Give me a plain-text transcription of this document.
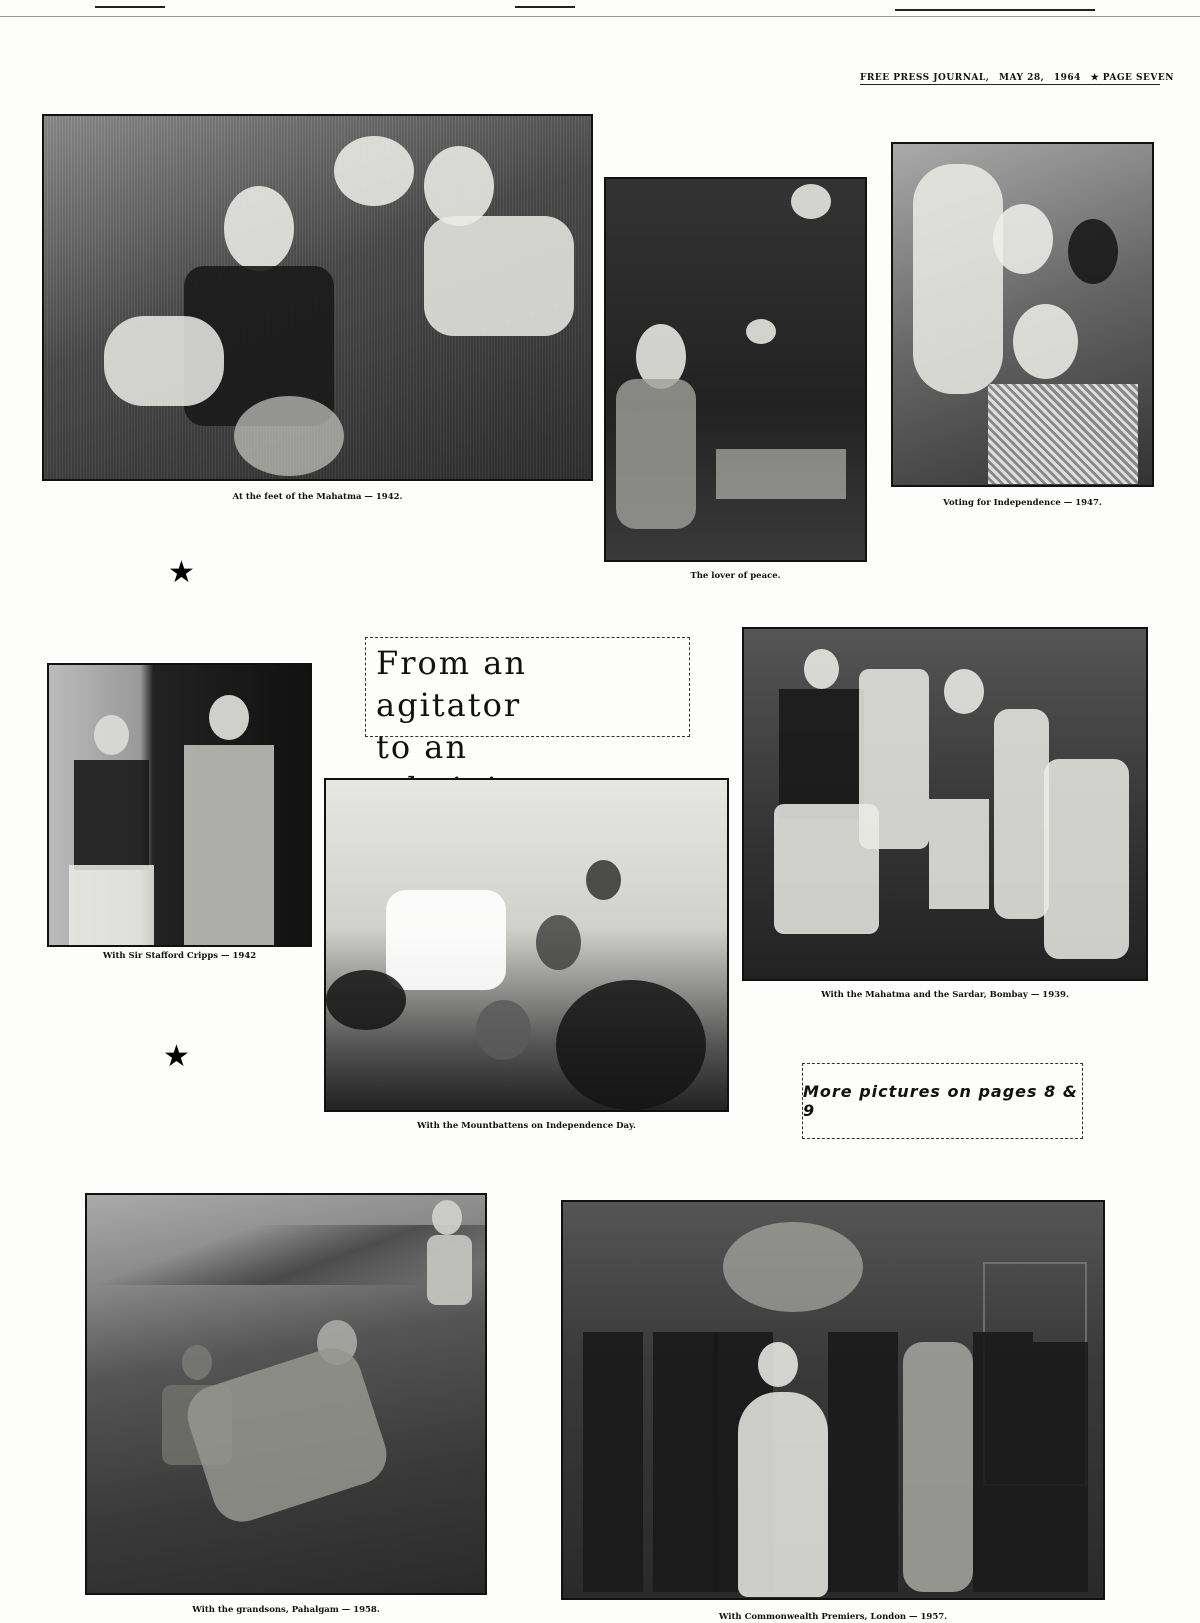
FREE PRESS JOURNAL, MAY 28, 1964 ★ PAGE SEVEN
At the feet of the Mahatma — 1942.
The lover of peace.
Voting for Independence — 1947.
★
From an agitator
to an
With Sir Stafford Cripps — 1942
With the Mountbattens on Independence Day.
With the Mahatma and the Sardar, Bombay — 1939.
★
More pictures on pages 8 & 9
With the grandsons, Pahalgam — 1958.
With Commonwealth Premiers, London — 1957.
